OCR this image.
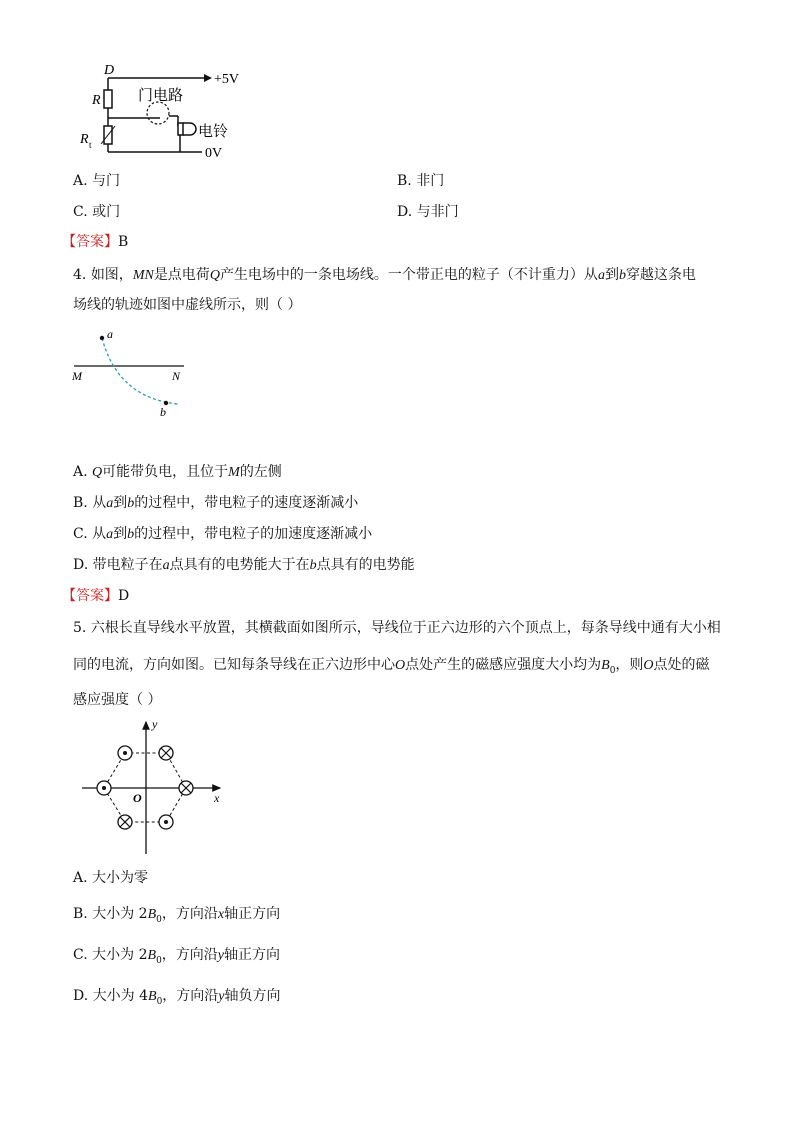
D
+5V
R 门电路
电铃
R t
0V
A. 与门	B. 非门
C. 或门	D. 与非门
【答案】B
4. 如图，MN是点电荷Q产生电场中的一条电场线。一个带正电的粒子（不计重力）从a到b穿越这条电
场线的轨迹如图中虚线所示，则（ ）
a
b
M	N
A. Q可能带负电，且位于M的左侧
B. 从a到b的过程中，带电粒子的速度逐渐减小
C. 从a到b的过程中，带电粒子的加速度逐渐减小
D. 带电粒子在a点具有的电势能大于在b点具有的电势能
【答案】D
5. 六根长直导线水平放置，其横截面如图所示，导线位于正六边形的六个顶点上，每条导线中通有大小相
同的电流，方向如图。已知每条导线在正六边形中心O点处产生的磁感应强度大小均为$B_0$，则O点处的磁
感应强度（ ）
y
x
O
A. 大小为零
B. 大小为 $2B_0$，方向沿x轴正方向
C. 大小为 $2B_0$，方向沿y轴正方向
D. 大小为 $4B_0$，方向沿y轴负方向
